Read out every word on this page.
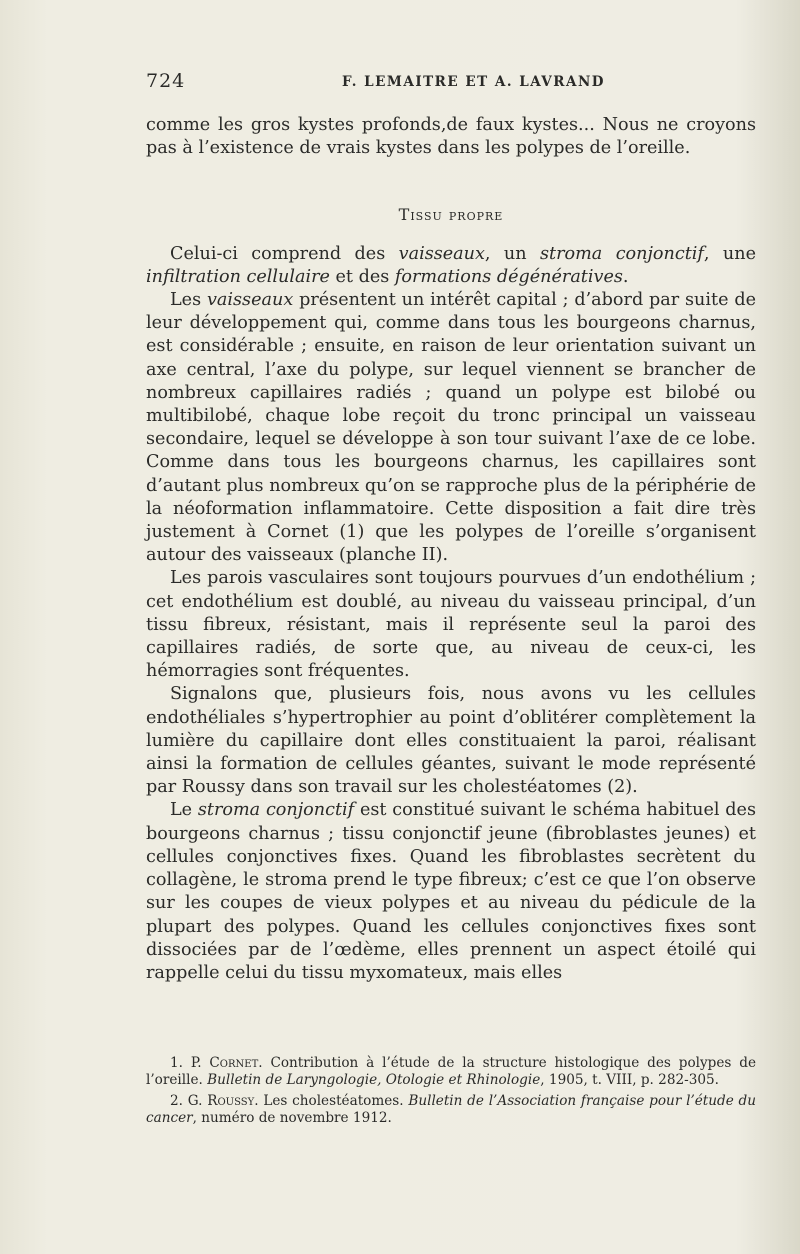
724	F. LEMAITRE ET A. LAVRAND

comme les gros kystes profonds,de faux kystes... Nous ne croyons pas à l’existence de vrais kystes dans les polypes de l’oreille.

Tissu propre

Celui-ci comprend des vaisseaux, un stroma conjonctif, une infiltration cellulaire et des formations dégénératives.

Les vaisseaux présentent un intérêt capital ; d’abord par suite de leur développement qui, comme dans tous les bourgeons charnus, est considérable ; ensuite, en raison de leur orientation suivant un axe central, l’axe du polype, sur lequel viennent se brancher de nombreux capillaires radiés ; quand un polype est bilobé ou multibilobé, chaque lobe reçoit du tronc principal un vaisseau secondaire, lequel se développe à son tour suivant l’axe de ce lobe. Comme dans tous les bourgeons charnus, les capillaires sont d’autant plus nombreux qu’on se rapproche plus de la périphérie de la néoformation inflammatoire. Cette disposition a fait dire très justement à Cornet (1) que les polypes de l’oreille s’organisent autour des vaisseaux (planche II).

Les parois vasculaires sont toujours pourvues d’un endothélium ; cet endothélium est doublé, au niveau du vaisseau principal, d’un tissu fibreux, résistant, mais il représente seul la paroi des capillaires radiés, de sorte que, au niveau de ceux-ci, les hémorragies sont fréquentes.

Signalons que, plusieurs fois, nous avons vu les cellules endothéliales s’hypertrophier au point d’oblitérer complètement la lumière du capillaire dont elles constituaient la paroi, réalisant ainsi la formation de cellules géantes, suivant le mode représenté par Roussy dans son travail sur les cholestéatomes (2).

Le stroma conjonctif est constitué suivant le schéma habituel des bourgeons charnus ; tissu conjonctif jeune (fibroblastes jeunes) et cellules conjonctives fixes. Quand les fibroblastes secrètent du collagène, le stroma prend le type fibreux; c’est ce que l’on observe sur les coupes de vieux polypes et au niveau du pédicule de la plupart des polypes. Quand les cellules conjonctives fixes sont dissociées par de l’œdème, elles prennent un aspect étoilé qui rappelle celui du tissu myxomateux, mais elles

1. P. Cornet. Contribution à l’étude de la structure histologique des polypes de l’oreille. Bulletin de Laryngologie, Otologie et Rhinologie, 1905, t. VIII, p. 282-305.

2. G. Roussy. Les cholestéatomes. Bulletin de l’Association française pour l’étude du cancer, numéro de novembre 1912.
